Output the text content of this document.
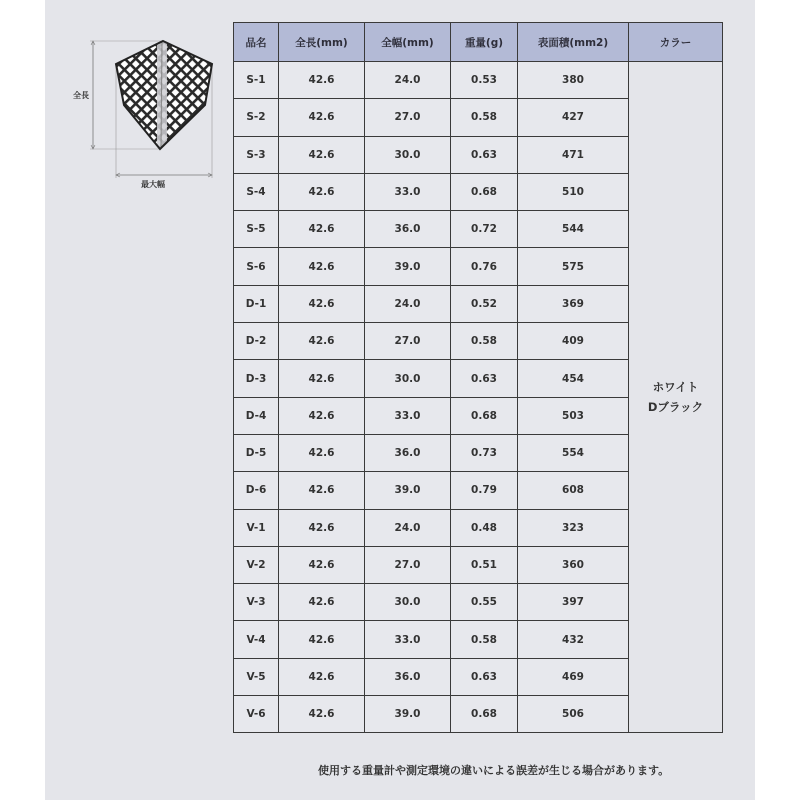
全長
最大幅
品名	全長(mm)	全幅(mm)	重量(g)	表面積(mm2)	カラー
S-1	42.6	24.0	0.53	380	ホワイト
Dブラック

S-2	42.6	27.0	0.58	427	
S-3	42.6	30.0	0.63	471	
S-4	42.6	33.0	0.68	510	
S-5	42.6	36.0	0.72	544	
S-6	42.6	39.0	0.76	575	
D-1	42.6	24.0	0.52	369	
D-2	42.6	27.0	0.58	409	
D-3	42.6	30.0	0.63	454	
D-4	42.6	33.0	0.68	503	
D-5	42.6	36.0	0.73	554	
D-6	42.6	39.0	0.79	608	
V-1	42.6	24.0	0.48	323	
V-2	42.6	27.0	0.51	360	
V-3	42.6	30.0	0.55	397	
V-4	42.6	33.0	0.58	432	
V-5	42.6	36.0	0.63	469	
V-6	42.6	39.0	0.68	506	
使用する重量計や測定環境の違いによる誤差が生じる場合があります。
